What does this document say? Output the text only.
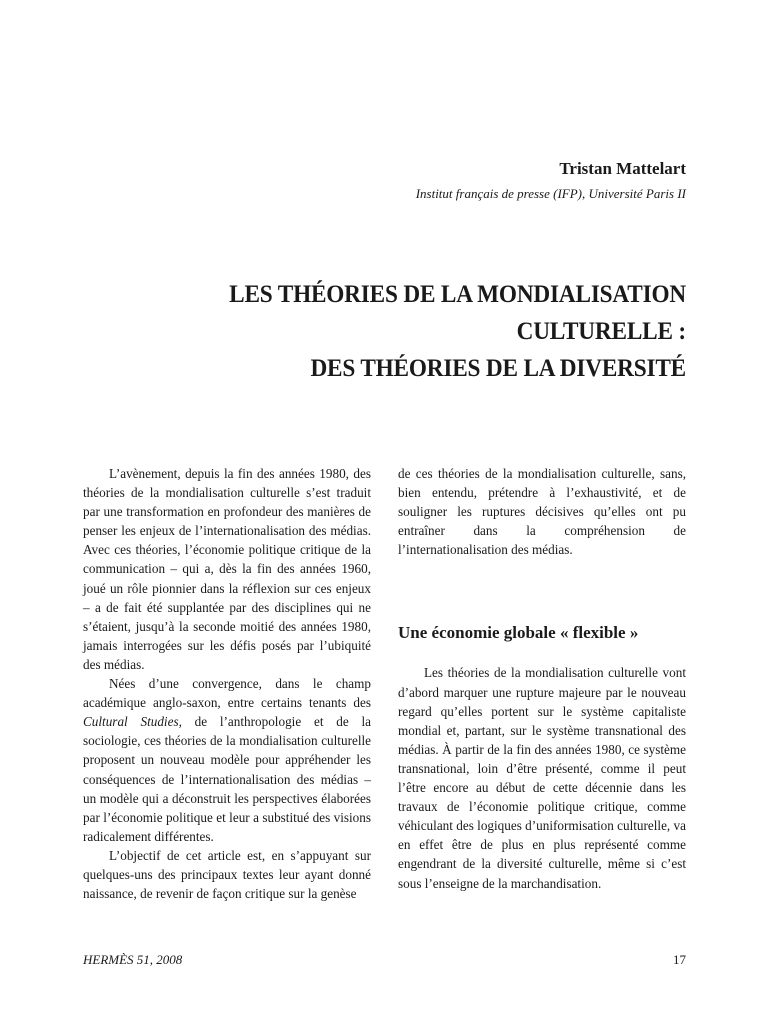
Tristan Mattelart
Institut français de presse (IFP), Université Paris II
LES THÉORIES DE LA MONDIALISATION
CULTURELLE :
DES THÉORIES DE LA DIVERSITÉ

L’avènement, depuis la fin des années 1980, des théories de la mondialisation culturelle s’est traduit par une transformation en profondeur des manières de penser les enjeux de l’internationalisation des médias. Avec ces théories, l’économie politique critique de la communication – qui a, dès la fin des années 1960, joué un rôle pionnier dans la réflexion sur ces enjeux – a de fait été supplantée par des disciplines qui ne s’étaient, jusqu’à la seconde moitié des années 1980, jamais interrogées sur les défis posés par l’ubiquité des médias.

Nées d’une convergence, dans le champ académique anglo-saxon, entre certains tenants des Cultural Studies, de l’anthropologie et de la sociologie, ces théories de la mondialisation culturelle proposent un nouveau modèle pour appréhender les conséquences de l’internationalisation des médias – un modèle qui a déconstruit les perspectives élaborées par l’économie politique et leur a substitué des visions radicalement différentes.

L’objectif de cet article est, en s’appuyant sur quelques-uns des principaux textes leur ayant donné naissance, de revenir de façon critique sur la genèse

de ces théories de la mondialisation culturelle, sans, bien entendu, prétendre à l’exhaustivité, et de souligner les ruptures décisives qu’elles ont pu entraîner dans la compréhension de l’internationalisation des médias.

Une économie globale « flexible »

Les théories de la mondialisation culturelle vont d’abord marquer une rupture majeure par le nouveau regard qu’elles portent sur le système capitaliste mondial et, partant, sur le système transnational des médias. À partir de la fin des années 1980, ce système transnational, loin d’être présenté, comme il peut l’être encore au début de cette décennie dans les travaux de l’économie politique critique, comme véhiculant des logiques d’uniformisation culturelle, va en effet être de plus en plus représenté comme engendrant de la diversité culturelle, même si c’est sous l’enseigne de la marchandisation.

HERMÈS 51, 2008	17
